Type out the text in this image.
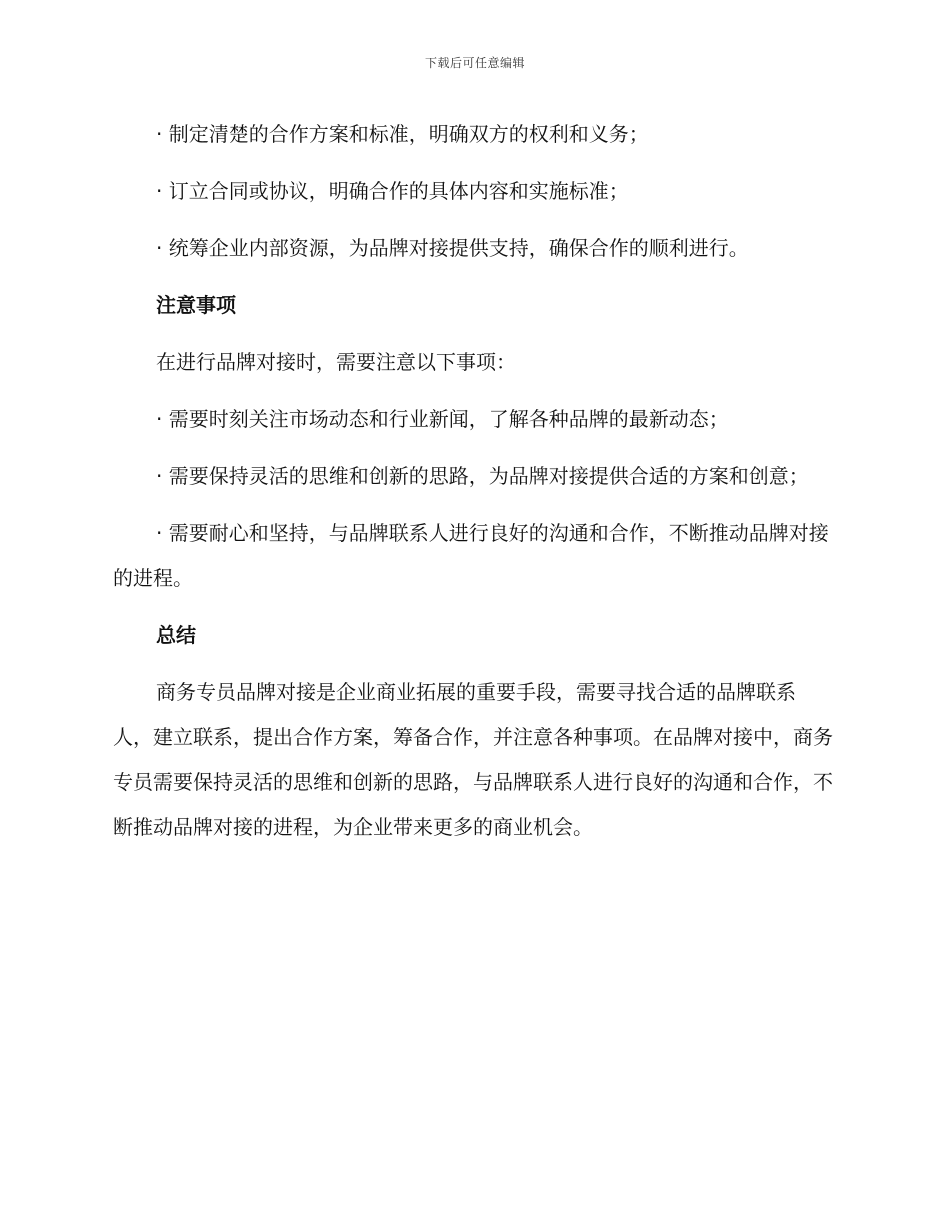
下载后可任意编辑

· 制定清楚的合作方案和标准，明确双方的权利和义务；

· 订立合同或协议，明确合作的具体内容和实施标准；

· 统筹企业内部资源，为品牌对接提供支持，确保合作的顺利进行。

注意事项

在进行品牌对接时，需要注意以下事项：

· 需要时刻关注市场动态和行业新闻，了解各种品牌的最新动态；

· 需要保持灵活的思维和创新的思路，为品牌对接提供合适的方案和创意；

· 需要耐心和坚持，与品牌联系人进行良好的沟通和合作，不断推动品牌对接的进程。

总结

商务专员品牌对接是企业商业拓展的重要手段，需要寻找合适的品牌联系人，建立联系，提出合作方案，筹备合作，并注意各种事项。在品牌对接中，商务专员需要保持灵活的思维和创新的思路，与品牌联系人进行良好的沟通和合作，不断推动品牌对接的进程，为企业带来更多的商业机会。
